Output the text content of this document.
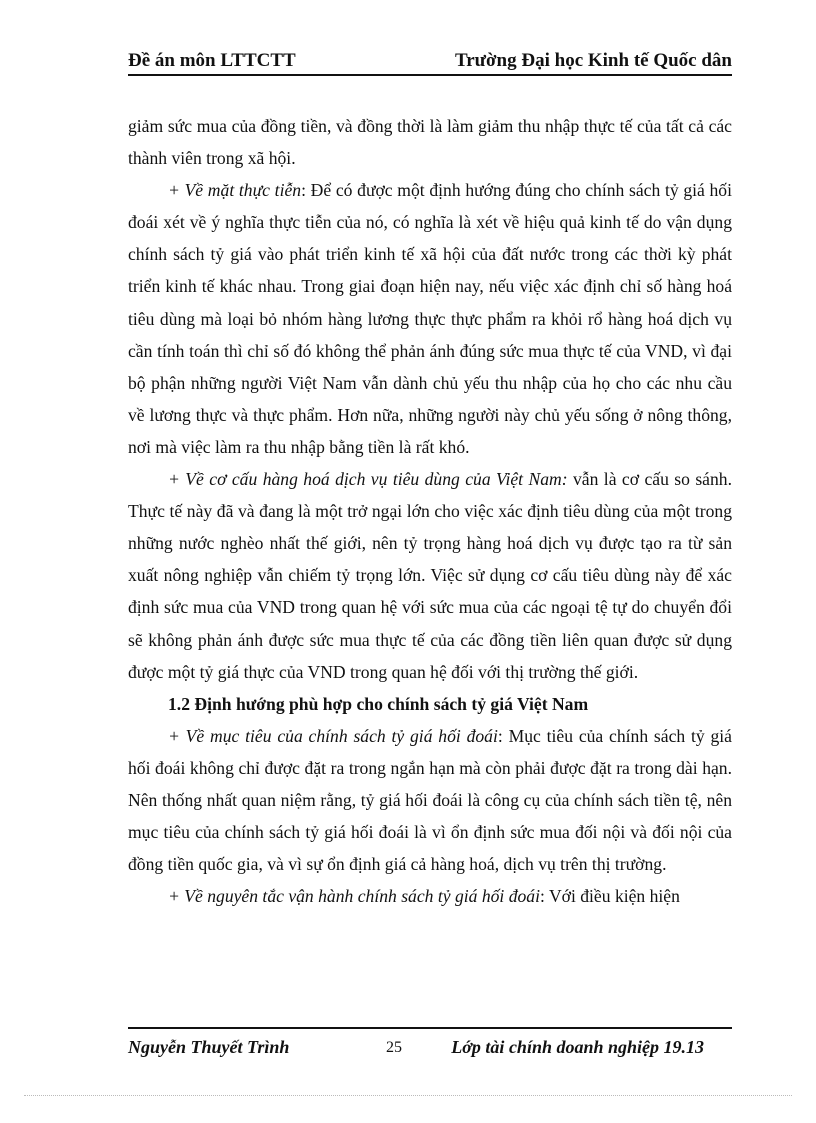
Đề án môn LTTCTT	Trường Đại học Kinh tế Quốc dân

giảm sức mua của đồng tiền, và đồng thời là làm giảm thu nhập thực tế của tất cả các thành viên trong xã hội.

+ Về mặt thực tiễn: Để có được một định hướng đúng cho chính sách tỷ giá hối đoái xét về ý nghĩa thực tiễn của nó, có nghĩa là xét về hiệu quả kinh tế do vận dụng chính sách tỷ giá vào phát triển kinh tế xã hội của đất nước trong các thời kỳ phát triển kinh tế khác nhau. Trong giai đoạn hiện nay, nếu việc xác định chỉ số hàng hoá tiêu dùng mà loại bỏ nhóm hàng lương thực thực phẩm ra khỏi rổ hàng hoá dịch vụ cần tính toán thì chỉ số đó không thể phản ánh đúng sức mua thực tế của VND, vì đại bộ phận những người Việt Nam vẫn dành chủ yếu thu nhập của họ cho các nhu cầu về lương thực và thực phẩm. Hơn nữa, những người này chủ yếu sống ở nông thông, nơi mà việc làm ra thu nhập bằng tiền là rất khó.

+ Về cơ cấu hàng hoá dịch vụ tiêu dùng của Việt Nam: vẫn là cơ cấu so sánh. Thực tế này đã và đang là một trở ngại lớn cho việc xác định tiêu dùng của một trong những nước nghèo nhất thế giới, nên tỷ trọng hàng hoá dịch vụ được tạo ra từ sản xuất nông nghiệp vẫn chiếm tỷ trọng lớn. Việc sử dụng cơ cấu tiêu dùng này để xác định sức mua của VND trong quan hệ với sức mua của các ngoại tệ tự do chuyển đổi sẽ không phản ánh được sức mua thực tế của các đồng tiền liên quan được sử dụng được một tỷ giá thực của VND trong quan hệ đối với thị trường thế giới.

1.2 Định hướng phù hợp cho chính sách tỷ giá Việt Nam

+ Về mục tiêu của chính sách tỷ giá hối đoái: Mục tiêu của chính sách tỷ giá hối đoái không chỉ được đặt ra trong ngắn hạn mà còn phải được đặt ra trong dài hạn. Nên thống nhất quan niệm rằng, tỷ giá hối đoái là công cụ của chính sách tiền tệ, nên mục tiêu của chính sách tỷ giá hối đoái là vì ổn định sức mua đối nội và đối nội của đồng tiền quốc gia, và vì sự ổn định giá cả hàng hoá, dịch vụ trên thị trường.

+ Về nguyên tắc vận hành chính sách tỷ giá hối đoái: Với điều kiện hiện

Nguyễn Thuyết Trình	25	Lớp tài chính doanh nghiệp 19.13
